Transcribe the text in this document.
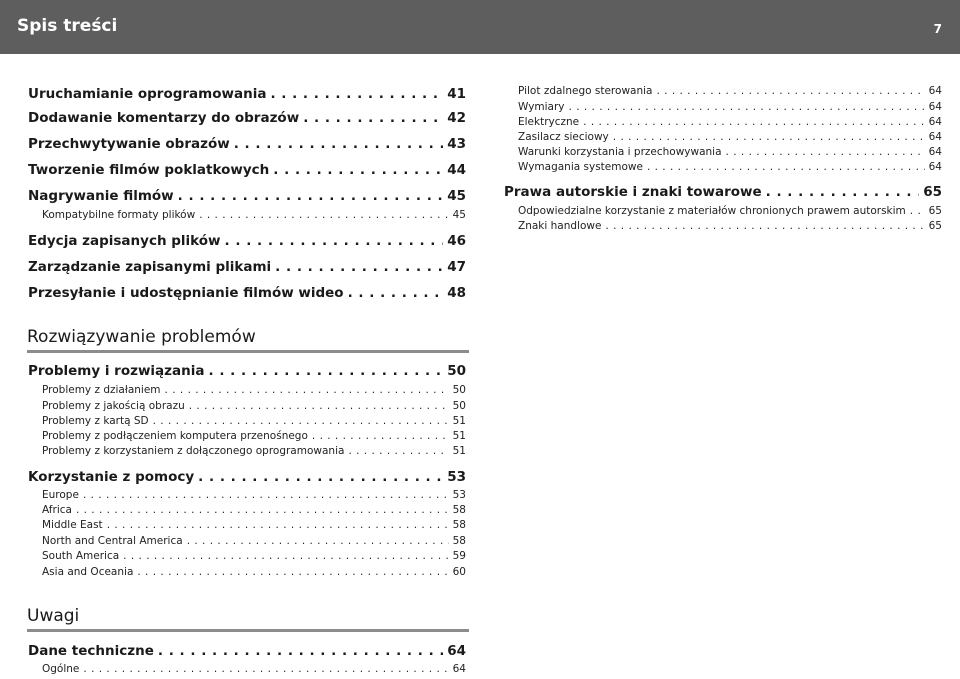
Spis treści	7
Uruchamianie oprogramowania . . .	41
Dodawanie komentarzy do obrazów . . .	42
Przechwytywanie obrazów . . .	43
Tworzenie filmów poklatkowych . . .	44
Nagrywanie filmów . . .	45
Kompatybilne formaty plików . . .	45
Edycja zapisanych plików . . .	46
Zarządzanie zapisanymi plikami . . .	47
Przesyłanie i udostępnianie filmów wideo . . .	48
Rozwiązywanie problemów
Problemy i rozwiązania . . .	50
Problemy z działaniem . . .	50
Problemy z jakością obrazu . . .	50
Problemy z kartą SD . . .	51
Problemy z podłączeniem komputera przenośnego . . .	51
Problemy z korzystaniem z dołączonego oprogramowania . . .	51
Korzystanie z pomocy . . .	53
Europe . . .	53
Africa . . .	58
Middle East . . .	58
North and Central America . . .	58
South America . . .	59
Asia and Oceania . . .	60
Uwagi
Dane techniczne . . .	64
Ogólne . . .	64
Pilot zdalnego sterowania . . .	64
Wymiary . . .	64
Elektryczne . . .	64
Zasilacz sieciowy . . .	64
Warunki korzystania i przechowywania . . .	64
Wymagania systemowe . . .	64
Prawa autorskie i znaki towarowe . . .	65
Odpowiedzialne korzystanie z materiałów chronionych prawem autorskim . . . 65
Znaki handlowe . . .	65
